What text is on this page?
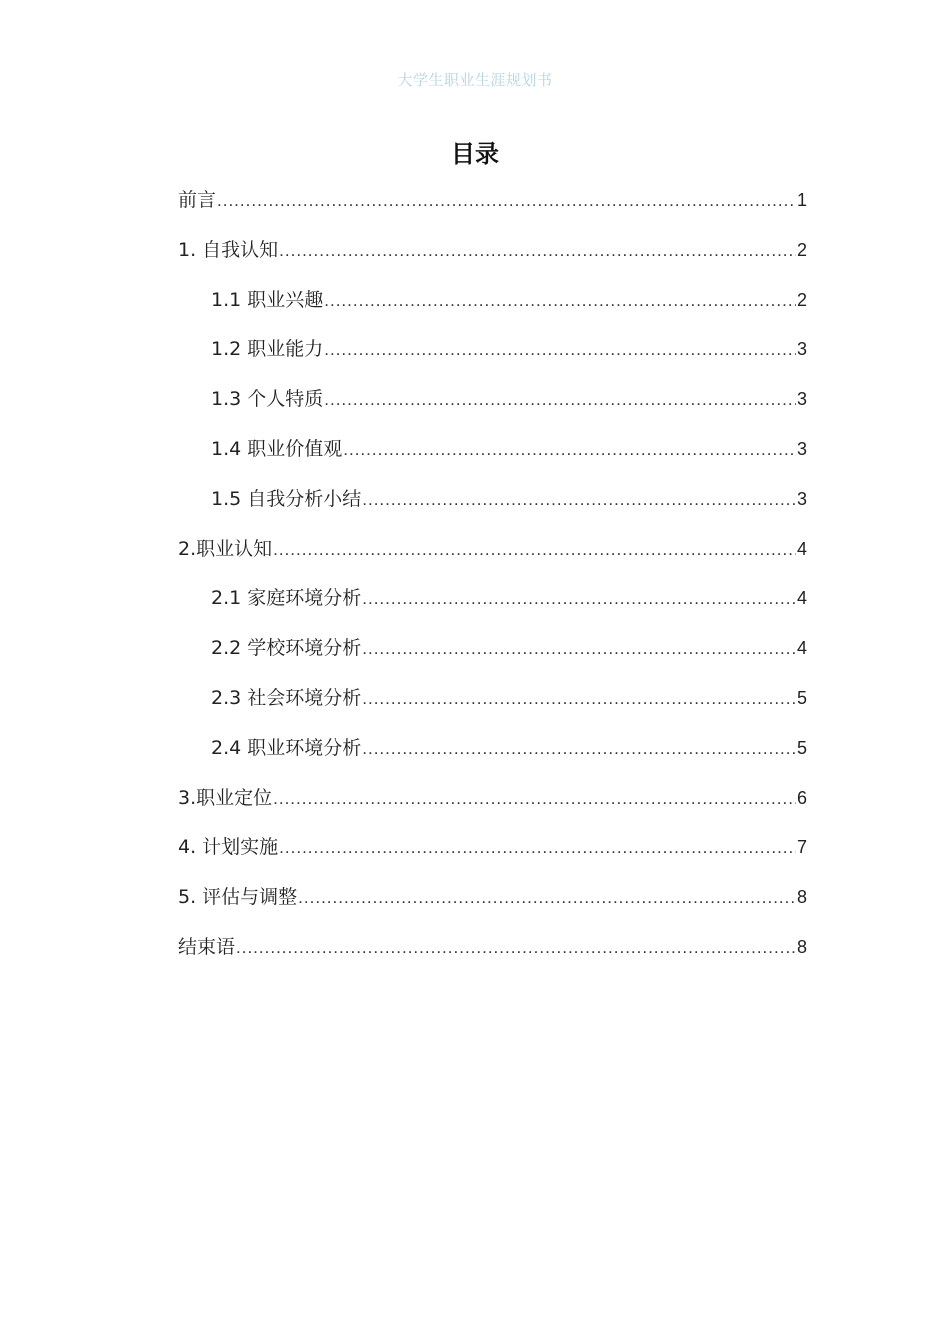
大学生职业生涯规划书
目录
前言 .....	1
1. 自我认知 .....	2
1.1 职业兴趣 .....	2
1.2 职业能力 .....	3
1.3 个人特质 .....	3
1.4 职业价值观 .....	3
1.5 自我分析小结 .....	3
2.职业认知 .....	4
2.1 家庭环境分析 .....	4
2.2 学校环境分析 .....	4
2.3 社会环境分析 .....	5
2.4 职业环境分析 .....	5
3.职业定位 .....	6
4. 计划实施 .....	7
5. 评估与调整 .....	8
结束语 .....	8
